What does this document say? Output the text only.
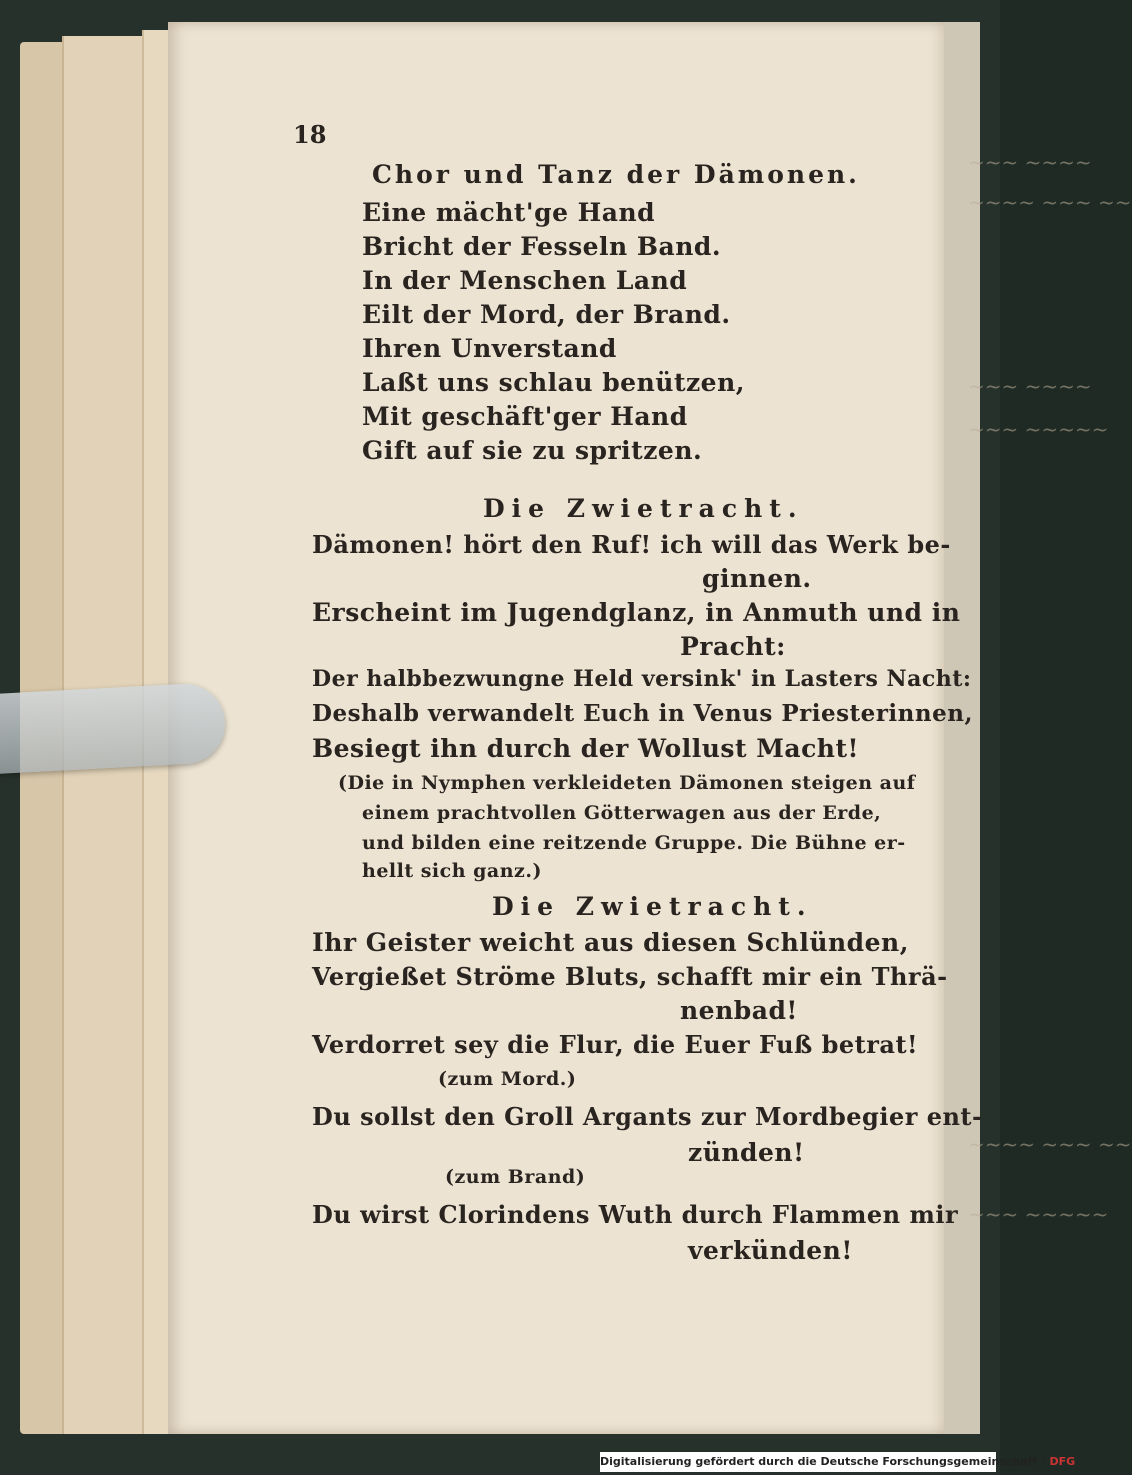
~~~ ~~~~
~~~~ ~~~ ~~
~~~ ~~~~
~~~ ~~~~~
~~~~ ~~~ ~~
~~~ ~~~~~
18
Chor und Tanz der Dämonen.
Eine mächt'ge Hand
Bricht der Fesseln Band.
In der Menschen Land
Eilt der Mord, der Brand.
Ihren Unverstand
Laßt uns schlau benützen,
Mit geschäft'ger Hand
Gift auf sie zu spritzen.
Die Zwietracht.
Dämonen! hört den Ruf! ich will das Werk be-
ginnen.
Erscheint im Jugendglanz, in Anmuth und in
Pracht:
Der halbbezwungne Held versink' in Lasters Nacht:
Deshalb verwandelt Euch in Venus Priesterinnen,
Besiegt ihn durch der Wollust Macht!
(Die in Nymphen verkleideten Dämonen steigen auf
einem prachtvollen Götterwagen aus der Erde,
und bilden eine reitzende Gruppe. Die Bühne er-
hellt sich ganz.)
Die Zwietracht.
Ihr Geister weicht aus diesen Schlünden,
Vergießet Ströme Bluts, schafft mir ein Thrä-
nenbad!
Verdorret sey die Flur, die Euer Fuß betrat!
(zum Mord.)
Du sollst den Groll Argants zur Mordbegier ent-
zünden!
(zum Brand)
Du wirst Clorindens Wuth durch Flammen mir
verkünden!
Digitalisierung gefördert durch die Deutsche Forschungsgemeinschaft · DFG
